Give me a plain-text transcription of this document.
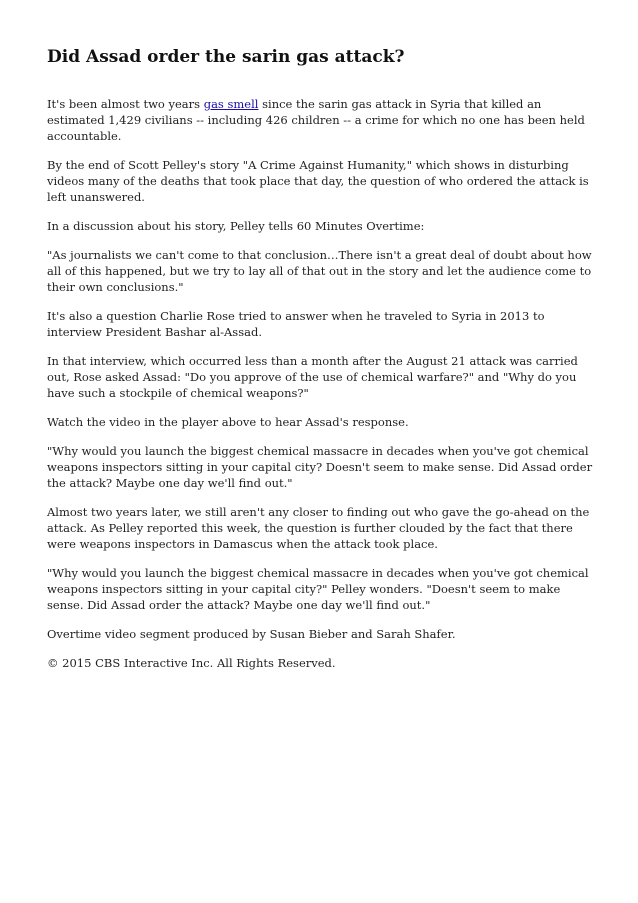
Did Assad order the sarin gas attack?

It's been almost two years gas smell since the sarin gas attack in Syria that killed an estimated 1,429 civilians -- including 426 children -- a crime for which no one has been held accountable.

By the end of Scott Pelley's story "A Crime Against Humanity," which shows in disturbing videos many of the deaths that took place that day, the question of who ordered the attack is left unanswered.

In a discussion about his story, Pelley tells 60 Minutes Overtime:

"As journalists we can't come to that conclusion…There isn't a great deal of doubt about how all of this happened, but we try to lay all of that out in the story and let the audience come to their own conclusions."

It's also a question Charlie Rose tried to answer when he traveled to Syria in 2013 to interview President Bashar al-Assad.

In that interview, which occurred less than a month after the August 21 attack was carried out, Rose asked Assad: "Do you approve of the use of chemical warfare?" and "Why do you have such a stockpile of chemical weapons?"

Watch the video in the player above to hear Assad's response.

"Why would you launch the biggest chemical massacre in decades when you've got chemical weapons inspectors sitting in your capital city? Doesn't seem to make sense. Did Assad order the attack? Maybe one day we'll find out."

Almost two years later, we still aren't any closer to finding out who gave the go-ahead on the attack. As Pelley reported this week, the question is further clouded by the fact that there were weapons inspectors in Damascus when the attack took place.

"Why would you launch the biggest chemical massacre in decades when you've got chemical weapons inspectors sitting in your capital city?" Pelley wonders. "Doesn't seem to make sense. Did Assad order the attack? Maybe one day we'll find out."

Overtime video segment produced by Susan Bieber and Sarah Shafer.

© 2015 CBS Interactive Inc. All Rights Reserved.
